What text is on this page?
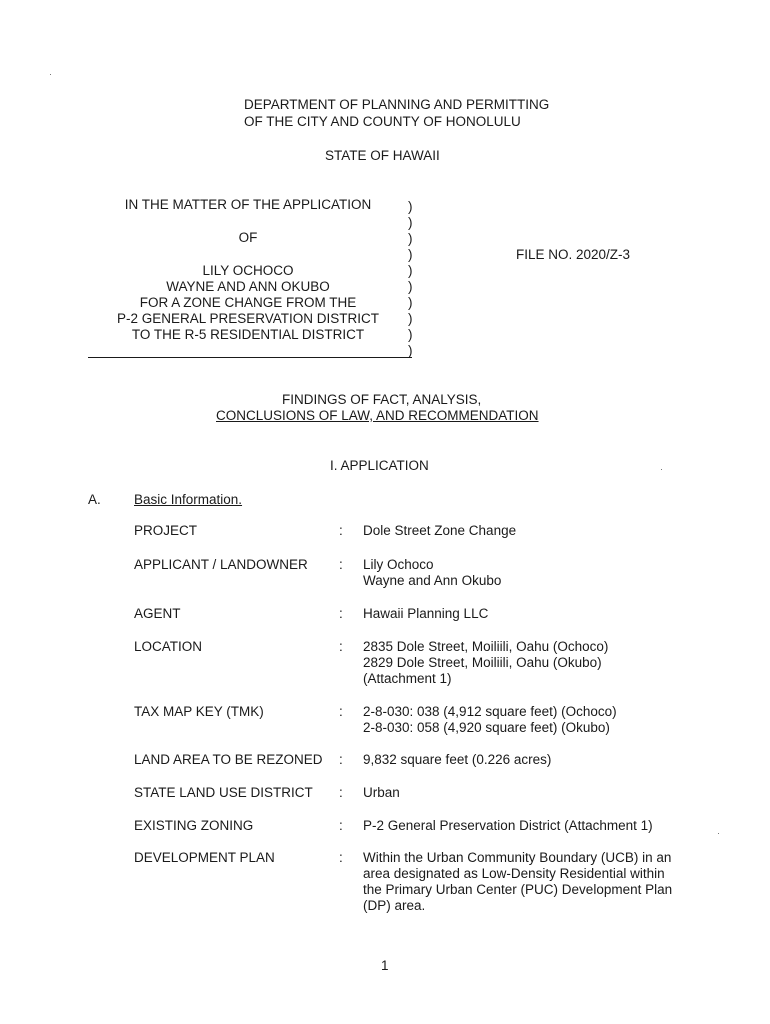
DEPARTMENT OF PLANNING AND PERMITTING
OF THE CITY AND COUNTY OF HONOLULU
STATE OF HAWAII
IN THE MATTER OF THE APPLICATION
OF
LILY OCHOCO
WAYNE AND ANN OKUBO
FOR A ZONE CHANGE FROM THE
P-2 GENERAL PRESERVATION DISTRICT
TO THE R-5 RESIDENTIAL DISTRICT
)
)
)
)
)
)
)
)
)
)
FILE NO. 2020/Z-3
FINDINGS OF FACT, ANALYSIS,
CONCLUSIONS OF LAW, AND RECOMMENDATION
I. APPLICATION
A. Basic Information.
PROJECT	: Dole Street Zone Change
APPLICANT / LANDOWNER : Lily Ochoco
Wayne and Ann Okubo
AGENT	: Hawaii Planning LLC
LOCATION	: 2835 Dole Street, Moiliili, Oahu (Ochoco)
2829 Dole Street, Moiliili, Oahu (Okubo)
(Attachment 1)
TAX MAP KEY (TMK)	: 2-8-030: 038 (4,912 square feet) (Ochoco)
2-8-030: 058 (4,920 square feet) (Okubo)
LAND AREA TO BE REZONED : 9,832 square feet (0.226 acres)
STATE LAND USE DISTRICT : Urban
EXISTING ZONING	: P-2 General Preservation District (Attachment 1)
DEVELOPMENT PLAN	: Within the Urban Community Boundary (UCB) in an
area designated as Low-Density Residential within
the Primary Urban Center (PUC) Development Plan
(DP) area.
1
